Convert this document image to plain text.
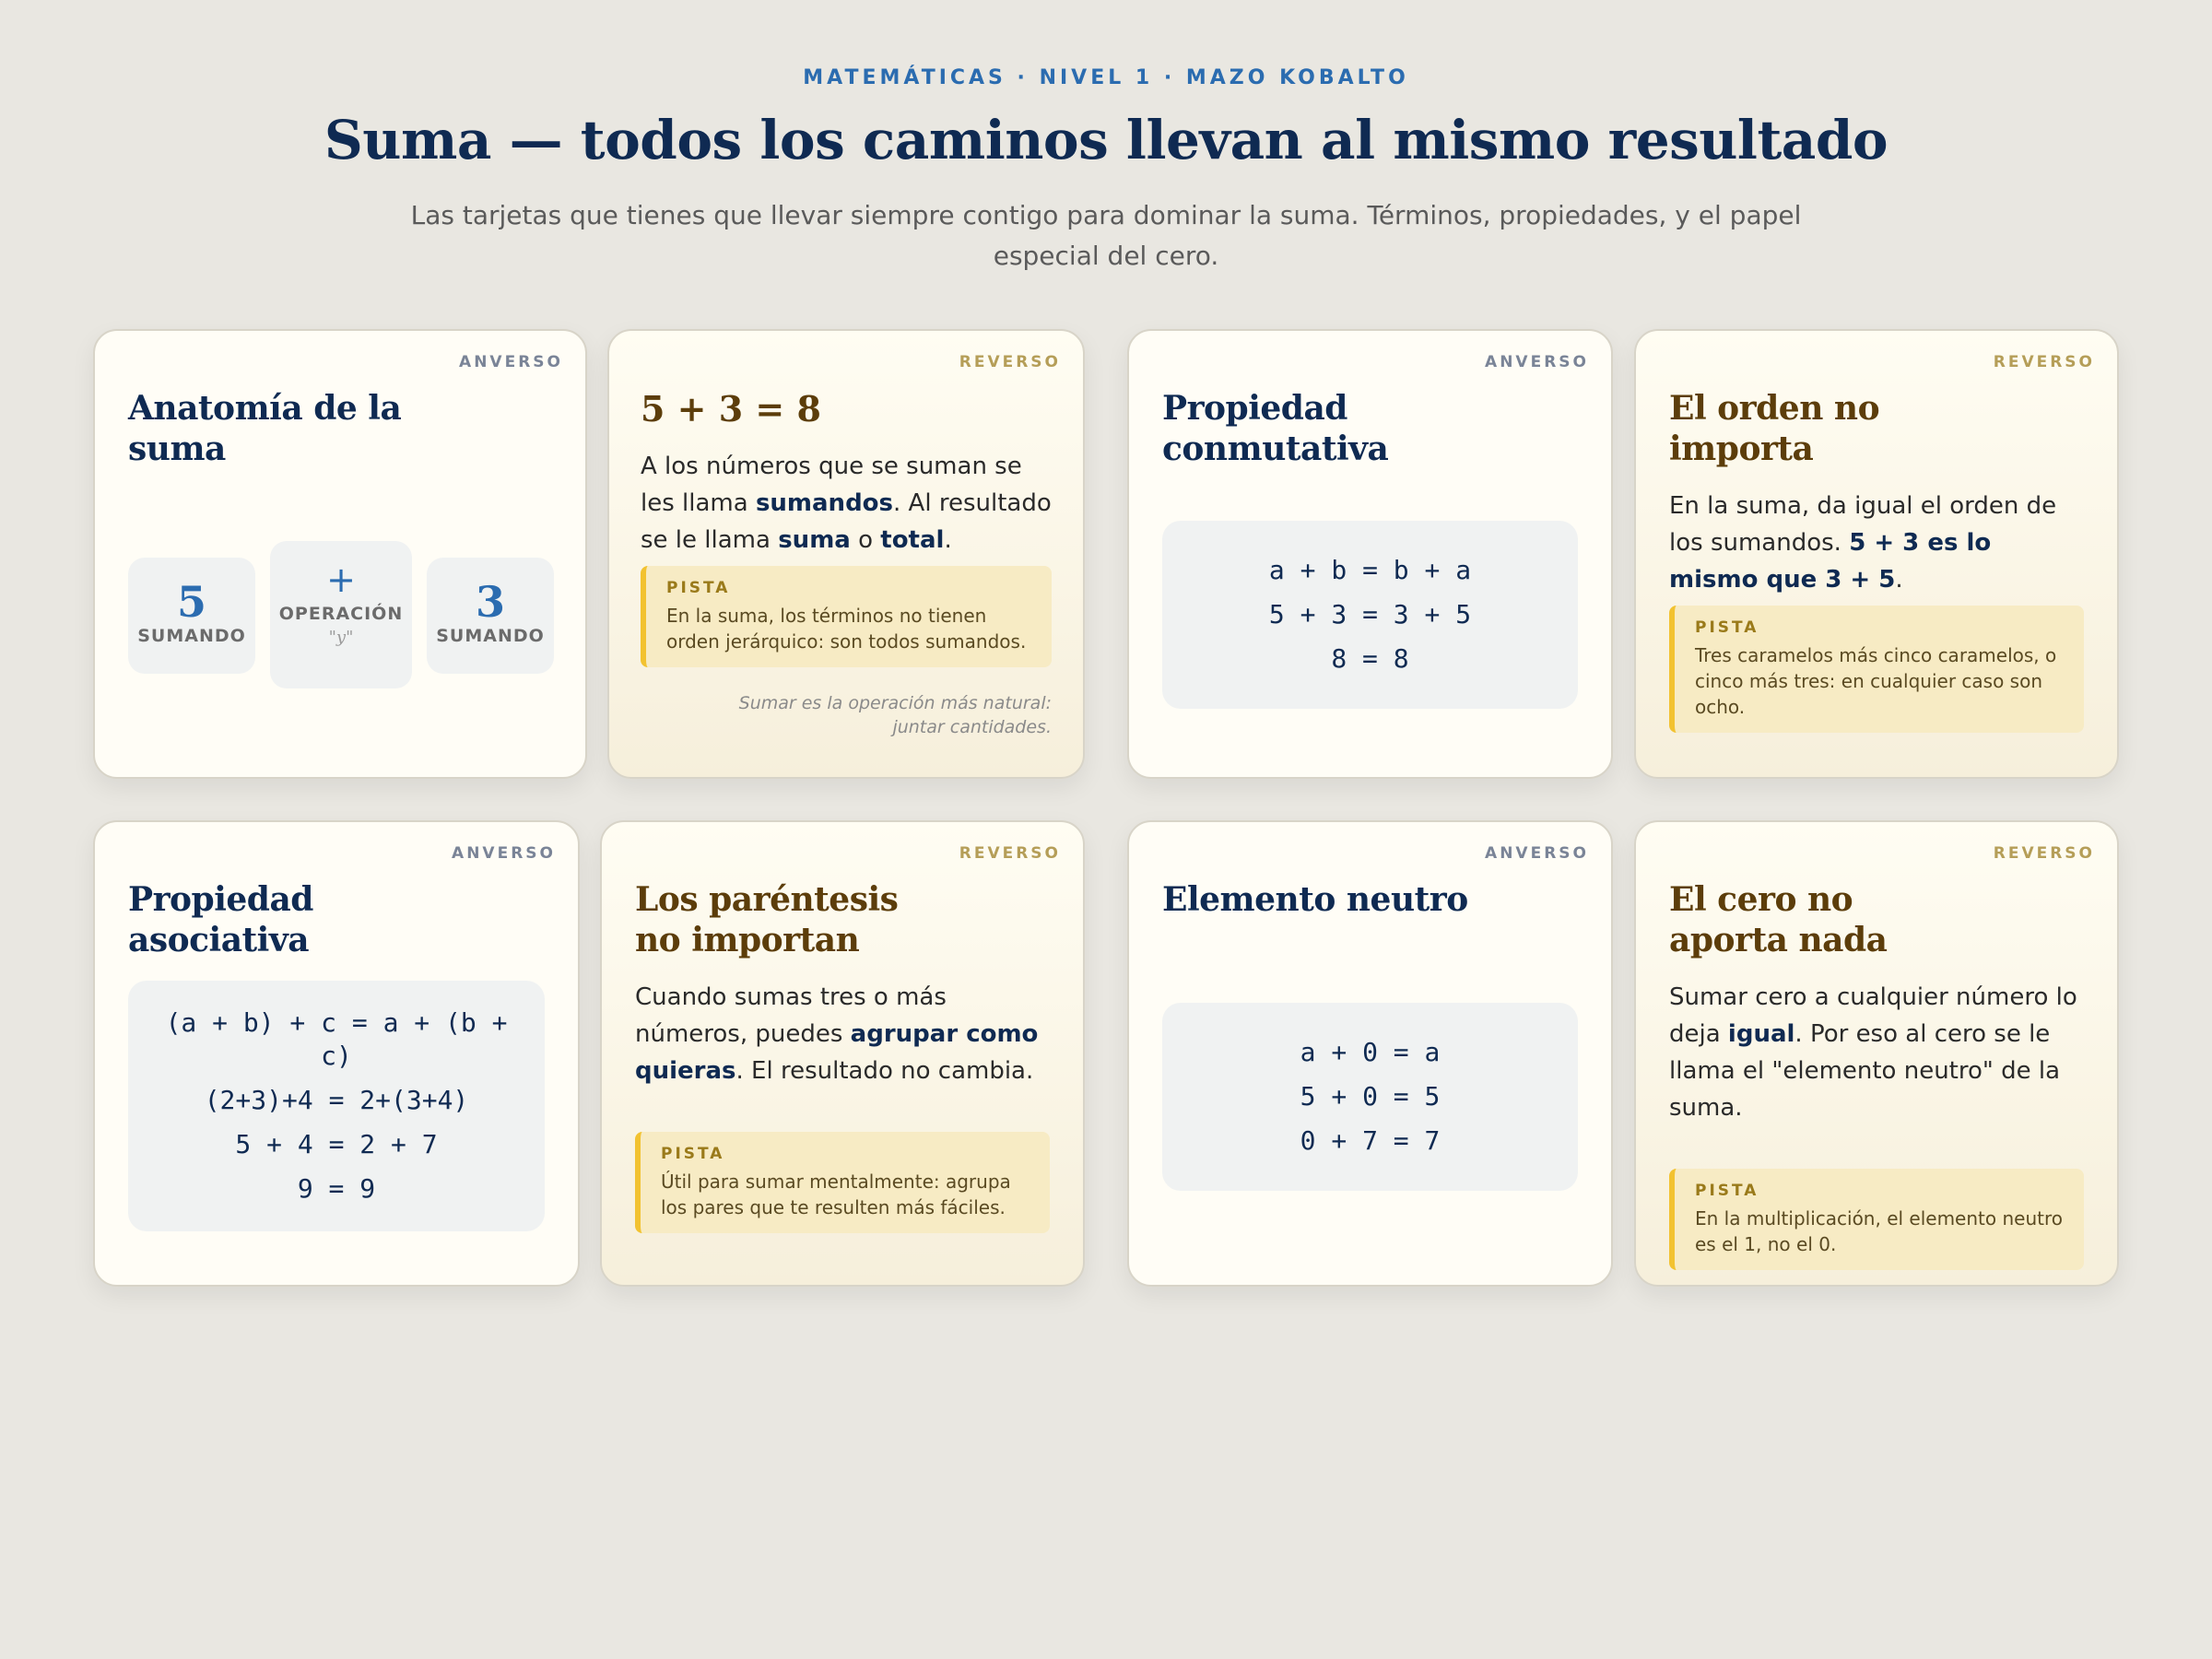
MATEMÁTICAS · NIVEL 1 · MAZO KOBALTO
Suma — todos los caminos llevan al mismo resultado

Las tarjetas que tienes que llevar siempre contigo para dominar la suma. Términos, propiedades, y el papel especial del cero.

ANVERSO
Anatomía de la suma
5
SUMANDO
+
OPERACIÓN
"y"
3
SUMANDO
REVERSO
5 + 3 = 8

A los números que se suman se les llama sumandos. Al resultado se le llama suma o total.

PISTA
En la suma, los términos no tienen orden jerárquico: son todos sumandos.
Sumar es la operación más natural: juntar cantidades.
ANVERSO
Propiedad conmutativa
a + b = b + a
5 + 3 = 3 + 5
8 = 8
REVERSO
El orden no importa

En la suma, da igual el orden de los sumandos. 5 + 3 es lo mismo que 3 + 5.

PISTA
Tres caramelos más cinco caramelos, o cinco más tres: en cualquier caso son ocho.
ANVERSO
Propiedad asociativa
(a + b) + c = a + (b +
c)
(2+3)+4 = 2+(3+4)
5 + 4 = 2 + 7
9 = 9
REVERSO
Los paréntesis no importan

Cuando sumas tres o más números, puedes agrupar como quieras. El resultado no cambia.

PISTA
Útil para sumar mentalmente: agrupa los pares que te resulten más fáciles.
ANVERSO
Elemento neutro
a + 0 = a
5 + 0 = 5
0 + 7 = 7
REVERSO
El cero no aporta nada

Sumar cero a cualquier número lo deja igual. Por eso al cero se le llama el "elemento neutro" de la suma.

PISTA
En la multiplicación, el elemento neutro es el 1, no el 0.
